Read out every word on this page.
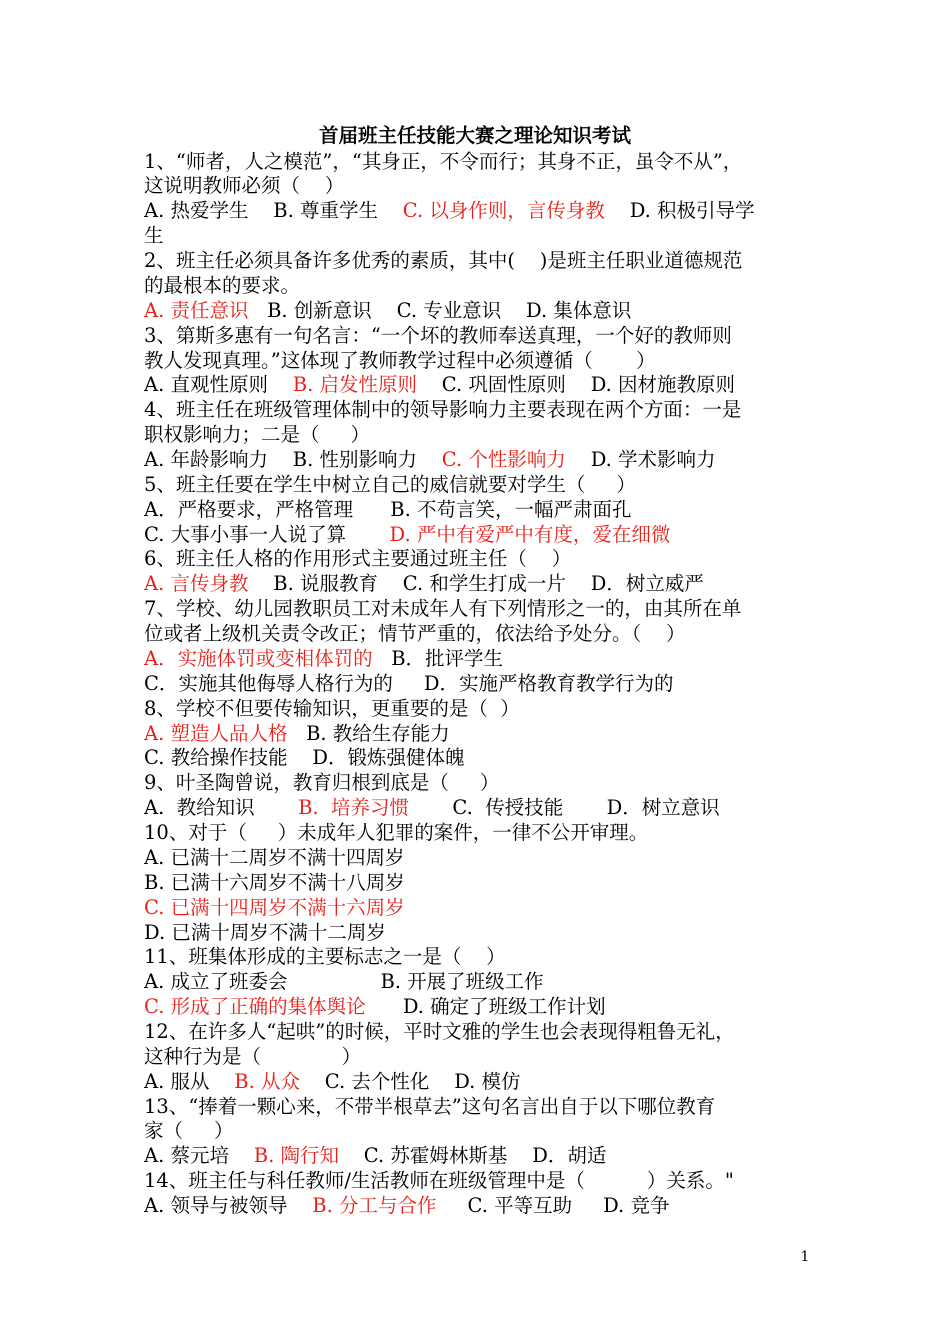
首届班主任技能大赛之理论知识考试
1、“师者，人之模范”，“其身正，不令而行；其身不正，虽令不从”，
这说明教师必须（    ）
A. 热爱学生    B. 尊重学生    C. 以身作则，言传身教    D. 积极引导学
生
2、班主任必须具备许多优秀的素质，其中(    )是班主任职业道德规范
的最根本的要求。
A. 责任意识   B. 创新意识    C. 专业意识    D. 集体意识
3、第斯多惠有一句名言：“一个坏的教师奉送真理，一个好的教师则
教人发现真理。”这体现了教师教学过程中必须遵循（       ）
A. 直观性原则    B. 启发性原则    C. 巩固性原则    D. 因材施教原则
4、班主任在班级管理体制中的领导影响力主要表现在两个方面：一是
职权影响力；二是（     ）
A. 年龄影响力    B. 性别影响力    C. 个性影响力    D. 学术影响力
5、班主任要在学生中树立自己的威信就要对学生（     ）
A．严格要求，严格管理      B. 不苟言笑，一幅严肃面孔
C. 大事小事一人说了算       D. 严中有爱严中有度，爱在细微
6、班主任人格的作用形式主要通过班主任（    ）
A. 言传身教    B. 说服教育    C. 和学生打成一片    D．树立威严
7、学校、幼儿园教职员工对未成年人有下列情形之一的，由其所在单
位或者上级机关责令改正；情节严重的，依法给予处分。（    ）
A．实施体罚或变相体罚的   B．批评学生
C．实施其他侮辱人格行为的     D．实施严格教育教学行为的
8、学校不但要传输知识，更重要的是（  ）
A. 塑造人品人格   B. 教给生存能力
C. 教给操作技能    D．锻炼强健体魄
9、叶圣陶曾说，教育归根到底是（     ）
A.  教给知识       B.  培养习惯       C.  传授技能       D．树立意识
10、对于（     ）未成年人犯罪的案件，一律不公开审理。
A. 已满十二周岁不满十四周岁
B. 已满十六周岁不满十八周岁
C. 已满十四周岁不满十六周岁
D. 已满十周岁不满十二周岁
11、班集体形成的主要标志之一是（    ）
A. 成立了班委会               B. 开展了班级工作
C. 形成了正确的集体舆论      D. 确定了班级工作计划
12、在许多人“起哄”的时候，平时文雅的学生也会表现得粗鲁无礼，
这种行为是（             ）
A. 服从    B. 从众    C. 去个性化    D. 模仿
13、“捧着一颗心来，不带半根草去”这句名言出自于以下哪位教育
家（     ）
A. 蔡元培    B. 陶行知    C. 苏霍姆林斯基    D．胡适
14、班主任与科任教师/生活教师在班级管理中是（          ）关系。"
A. 领导与被领导    B. 分工与合作     C. 平等互助     D. 竞争
1
